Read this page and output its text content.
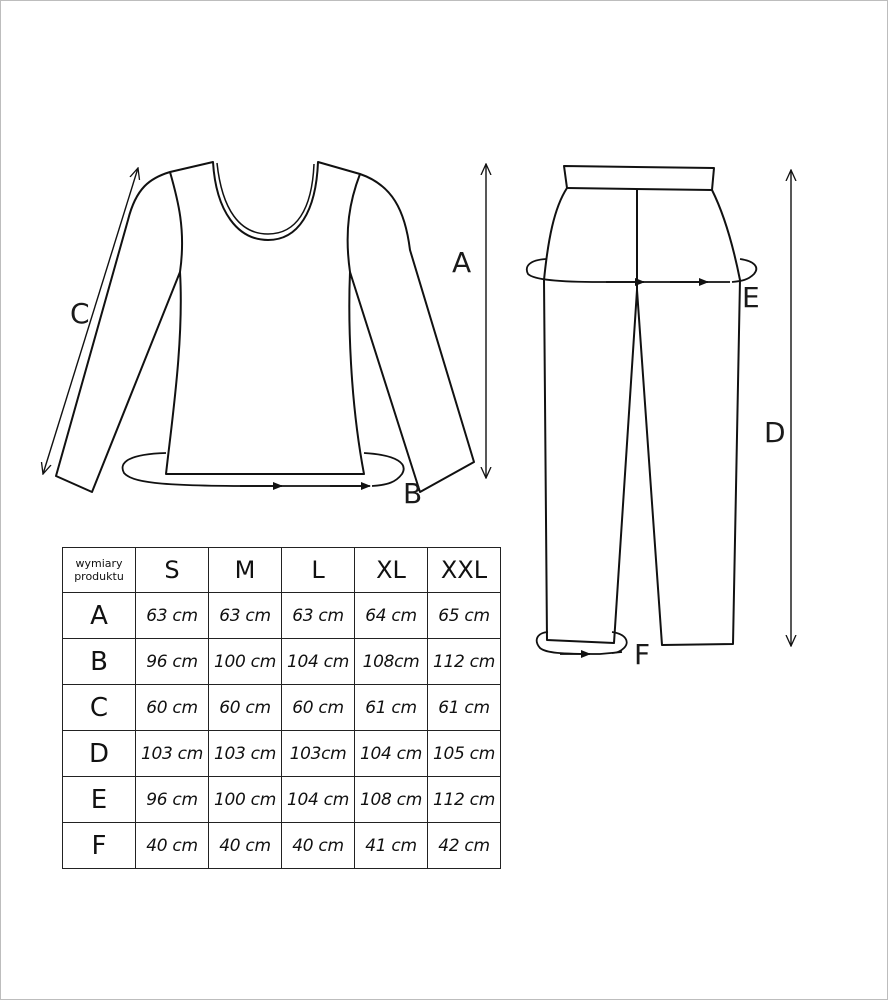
A
B
C
D
E
F
wymiary
produktu	S	M	L	XL	XXL
A	63 cm	63 cm	63 cm	64 cm	65 cm
B	96 cm	100 cm	104 cm	108cm	112 cm
C	60 cm	60 cm	60 cm	61 cm	61 cm
D	103 cm	103 cm	103cm	104 cm	105 cm
E	96 cm	100 cm	104 cm	108 cm	112 cm
F	40 cm	40 cm	40 cm	41 cm	42 cm
